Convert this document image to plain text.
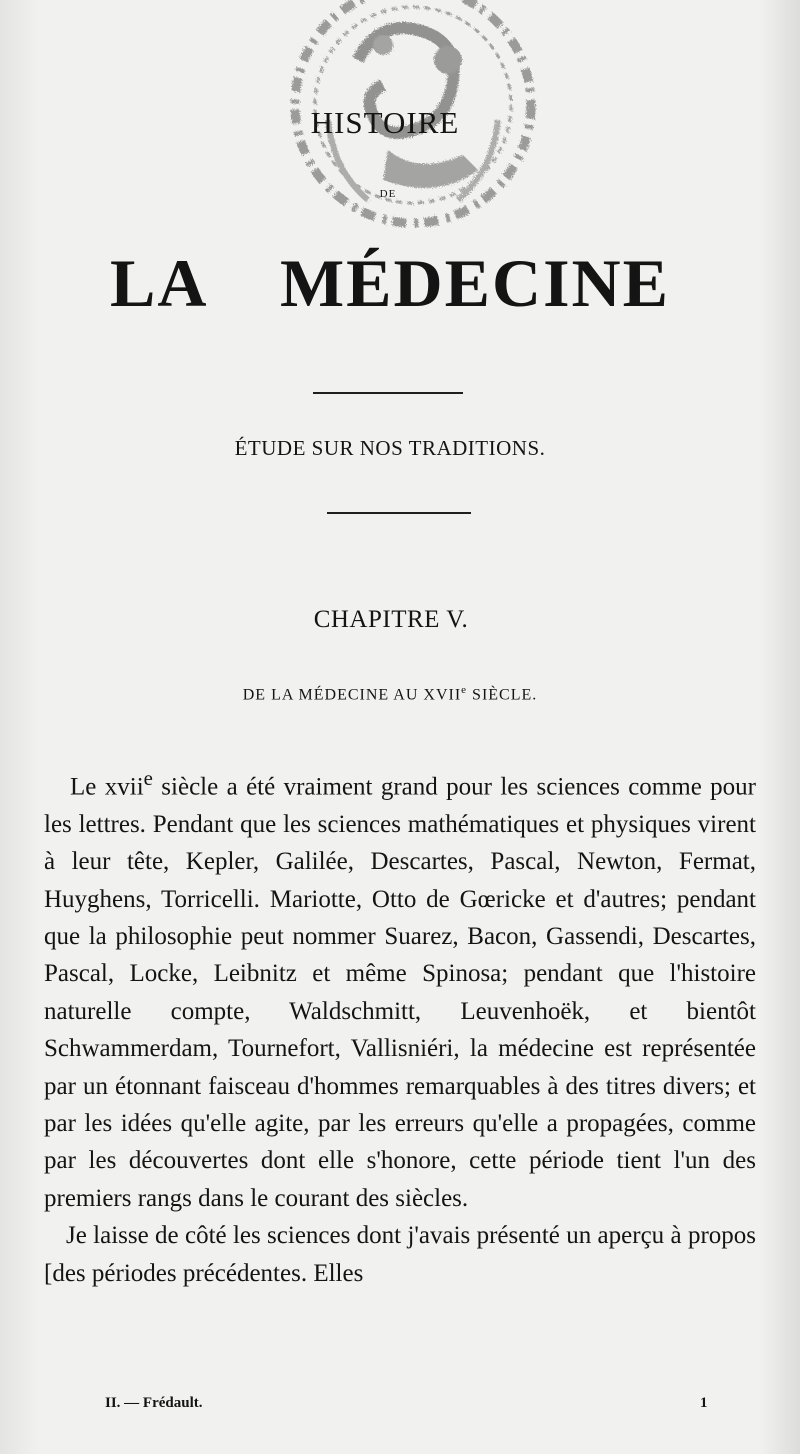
HISTOIRE
DE
LA MÉDECINE
ÉTUDE SUR NOS TRADITIONS.
CHAPITRE V.
DE LA MÉDECINE AU XVIIe SIÈCLE.

Le xvii$^e$ siècle a été vraiment grand pour les sciences comme pour les lettres. Pendant que les sciences mathématiques et physiques virent à leur tête, Kepler, Galilée, Descartes, Pascal, Newton, Fermat, Huyghens, Torricelli. Mariotte, Otto de Gœricke et d'autres; pendant que la philosophie peut nommer Suarez, Bacon, Gassendi, Descartes, Pascal, Locke, Leibnitz et même Spinosa; pendant que l'histoire naturelle compte, Waldschmitt, Leuvenhoëk, et bientôt Schwammerdam, Tournefort, Vallisniéri, la médecine est représentée par un étonnant faisceau d'hommes remarquables à des titres divers; et par les idées qu'elle agite, par les erreurs qu'elle a propagées, comme par les découvertes dont elle s'honore, cette période tient l'un des premiers rangs dans le courant des siècles.

Je laisse de côté les sciences dont j'avais présenté un aperçu à propos [des périodes précédentes. Elles

II. — Frédault.	1
